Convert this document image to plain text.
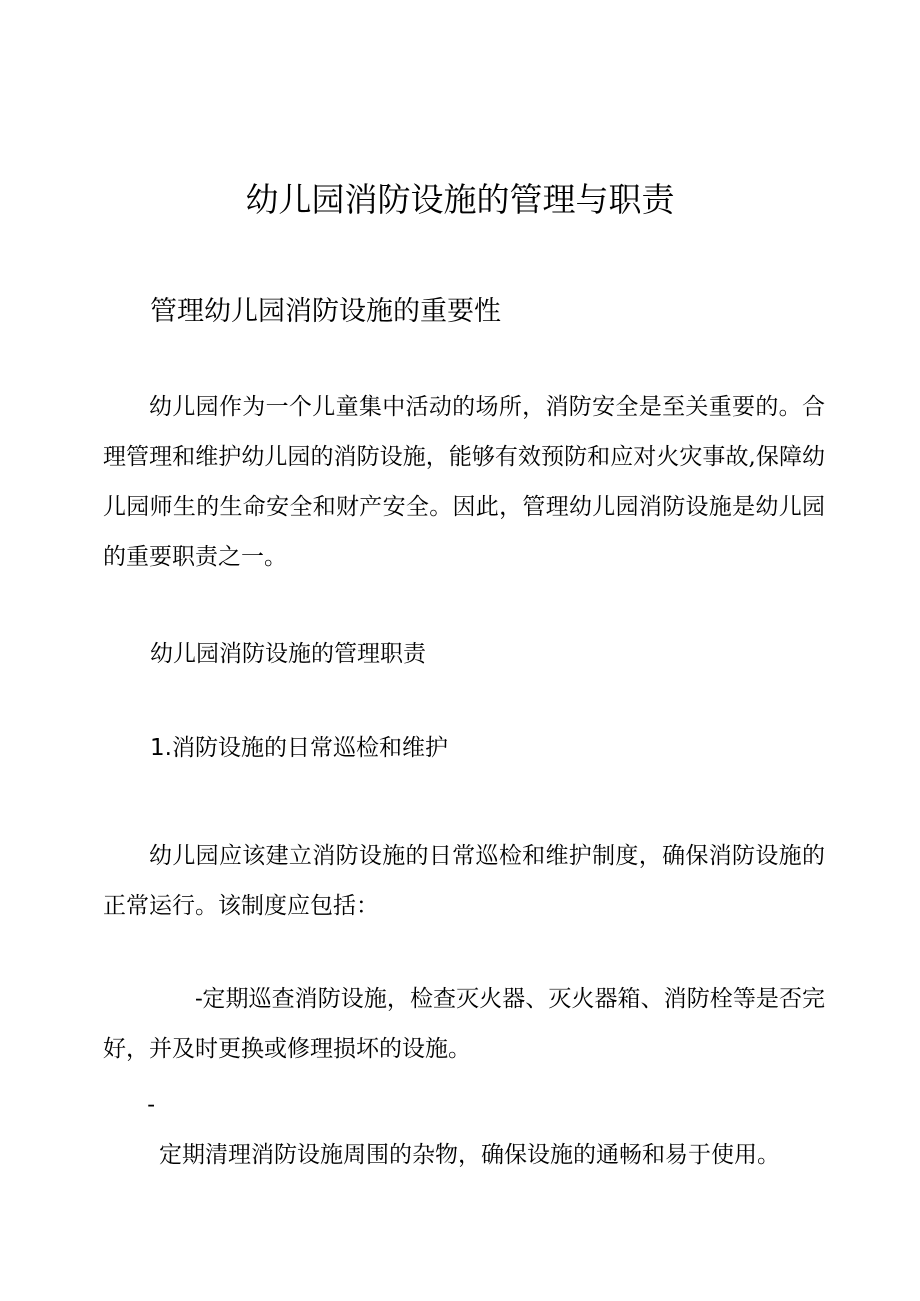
幼儿园消防设施的管理与职责
管理幼儿园消防设施的重要性

幼儿园作为一个儿童集中活动的场所，消防安全是至关重要的。合理管理和维护幼儿园的消防设施，能够有效预防和应对火灾事故,保障幼儿园师生的生命安全和财产安全。因此，管理幼儿园消防设施是幼儿园的重要职责之一。

幼儿园消防设施的管理职责
1.消防设施的日常巡检和维护

幼儿园应该建立消防设施的日常巡检和维护制度，确保消防设施的正常运行。该制度应包括：

- 定期巡查消防设施，检查灭火器、灭火器箱、消防栓等是否完好，并及时更换或修理损坏的设施。

-定期清理消防设施周围的杂物，确保设施的通畅和易于使用。
